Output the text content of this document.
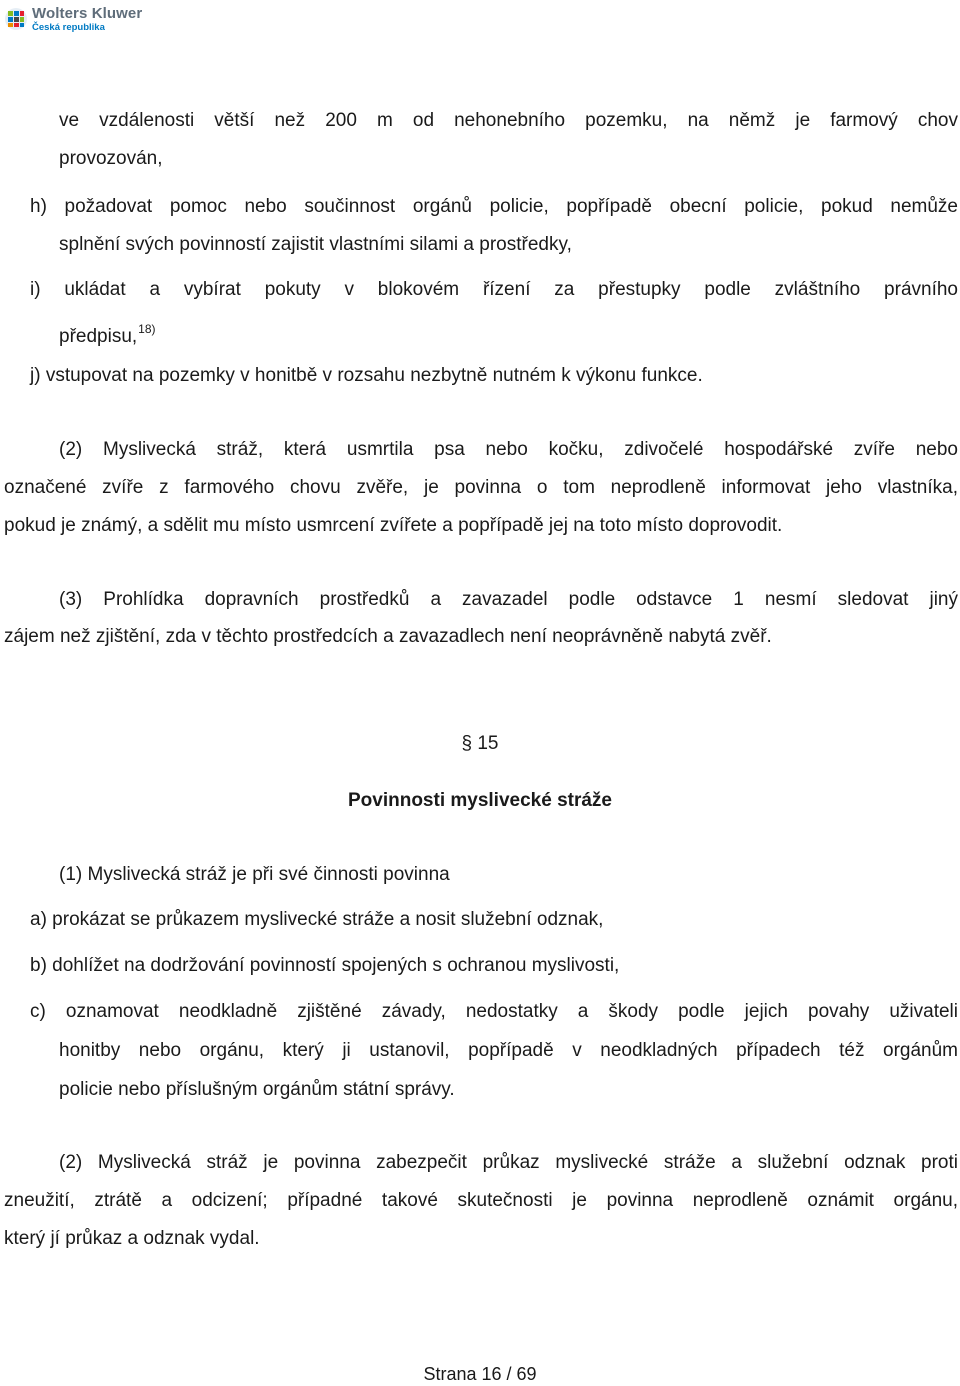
Wolters Kluwer
Česká republika
ve vzdálenosti větší než 200 m od nehonebního pozemku, na němž je farmový chov
provozován,
h) požadovat pomoc nebo součinnost orgánů policie, popřípadě obecní policie, pokud nemůže
splnění svých povinností zajistit vlastními silami a prostředky,
i) ukládat a vybírat pokuty v blokovém řízení za přestupky podle zvláštního právního
předpisu,$^{18)}$
j) vstupovat na pozemky v honitbě v rozsahu nezbytně nutném k výkonu funkce.
(2) Myslivecká stráž, která usmrtila psa nebo kočku, zdivočelé hospodářské zvíře nebo
označené zvíře z farmového chovu zvěře, je povinna o tom neprodleně informovat jeho vlastníka,
pokud je známý, a sdělit mu místo usmrcení zvířete a popřípadě jej na toto místo doprovodit.
(3) Prohlídka dopravních prostředků a zavazadel podle odstavce 1 nesmí sledovat jiný
zájem než zjištění, zda v těchto prostředcích a zavazadlech není neoprávněně nabytá zvěř.
§ 15
Povinnosti myslivecké stráže
(1) Myslivecká stráž je při své činnosti povinna
a) prokázat se průkazem myslivecké stráže a nosit služební odznak,
b) dohlížet na dodržování povinností spojených s ochranou myslivosti,
c) oznamovat neodkladně zjištěné závady, nedostatky a škody podle jejich povahy uživateli
honitby nebo orgánu, který ji ustanovil, popřípadě v neodkladných případech též orgánům
policie nebo příslušným orgánům státní správy.
(2) Myslivecká stráž je povinna zabezpečit průkaz myslivecké stráže a služební odznak proti
zneužití, ztrátě a odcizení; případné takové skutečnosti je povinna neprodleně oznámit orgánu,
který jí průkaz a odznak vydal.
Strana 16 / 69
